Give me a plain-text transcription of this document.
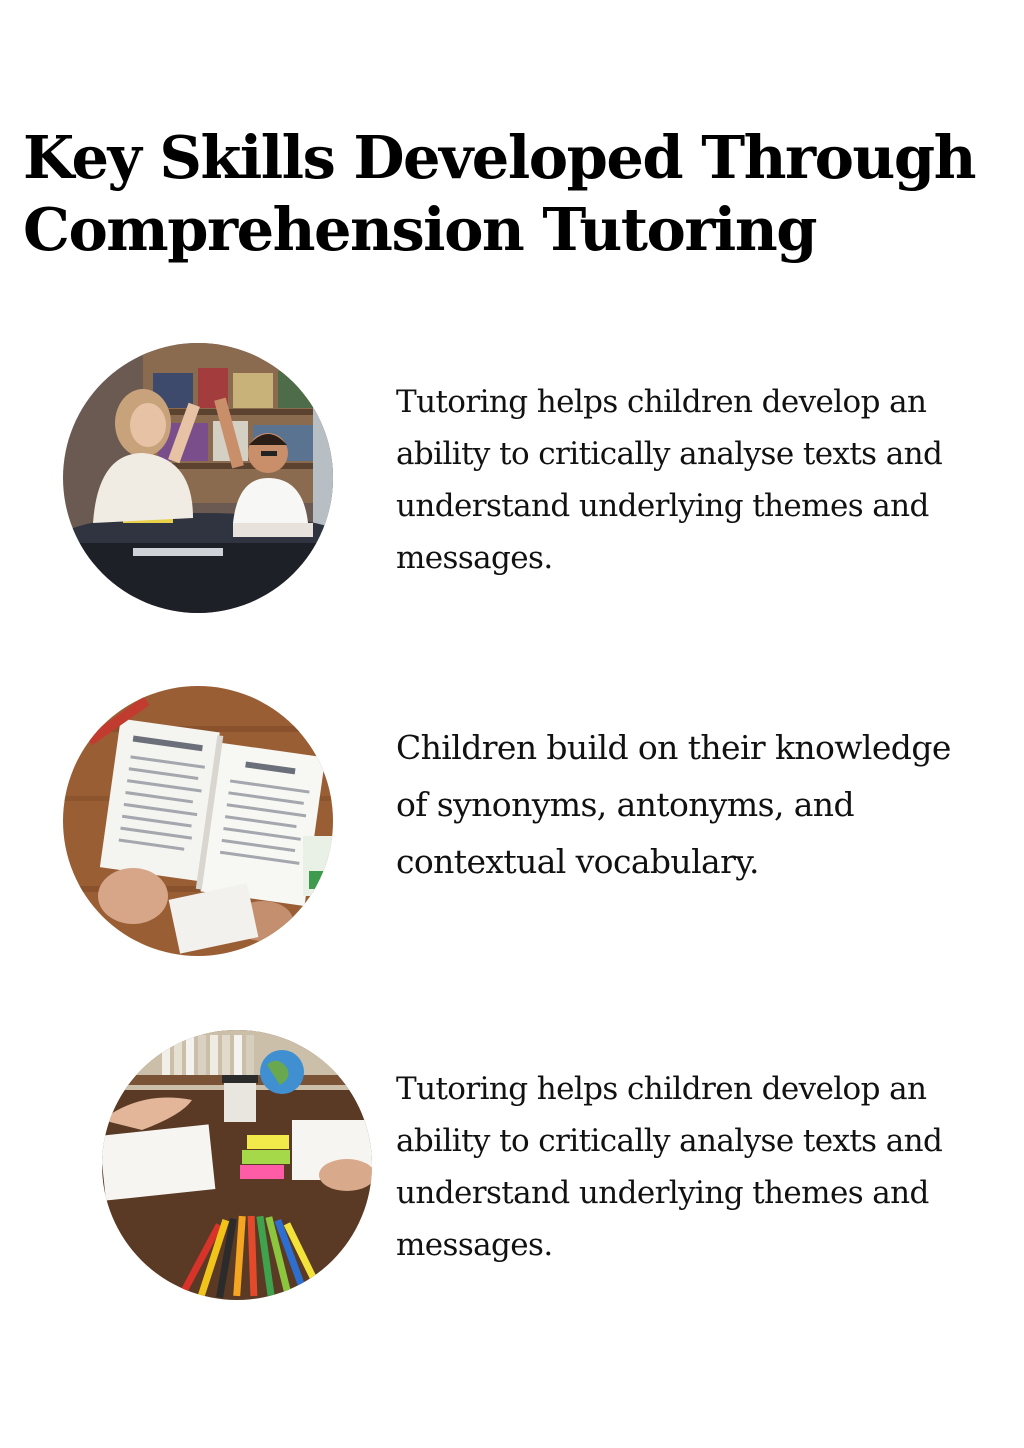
Key Skills Developed Through Comprehension Tutoring

Tutoring helps children develop an ability to critically analyse texts and understand underlying themes and messages.

Children build on their knowledge of synonyms, antonyms, and contextual vocabulary.

Tutoring helps children develop an ability to critically analyse texts and understand underlying themes and messages.
